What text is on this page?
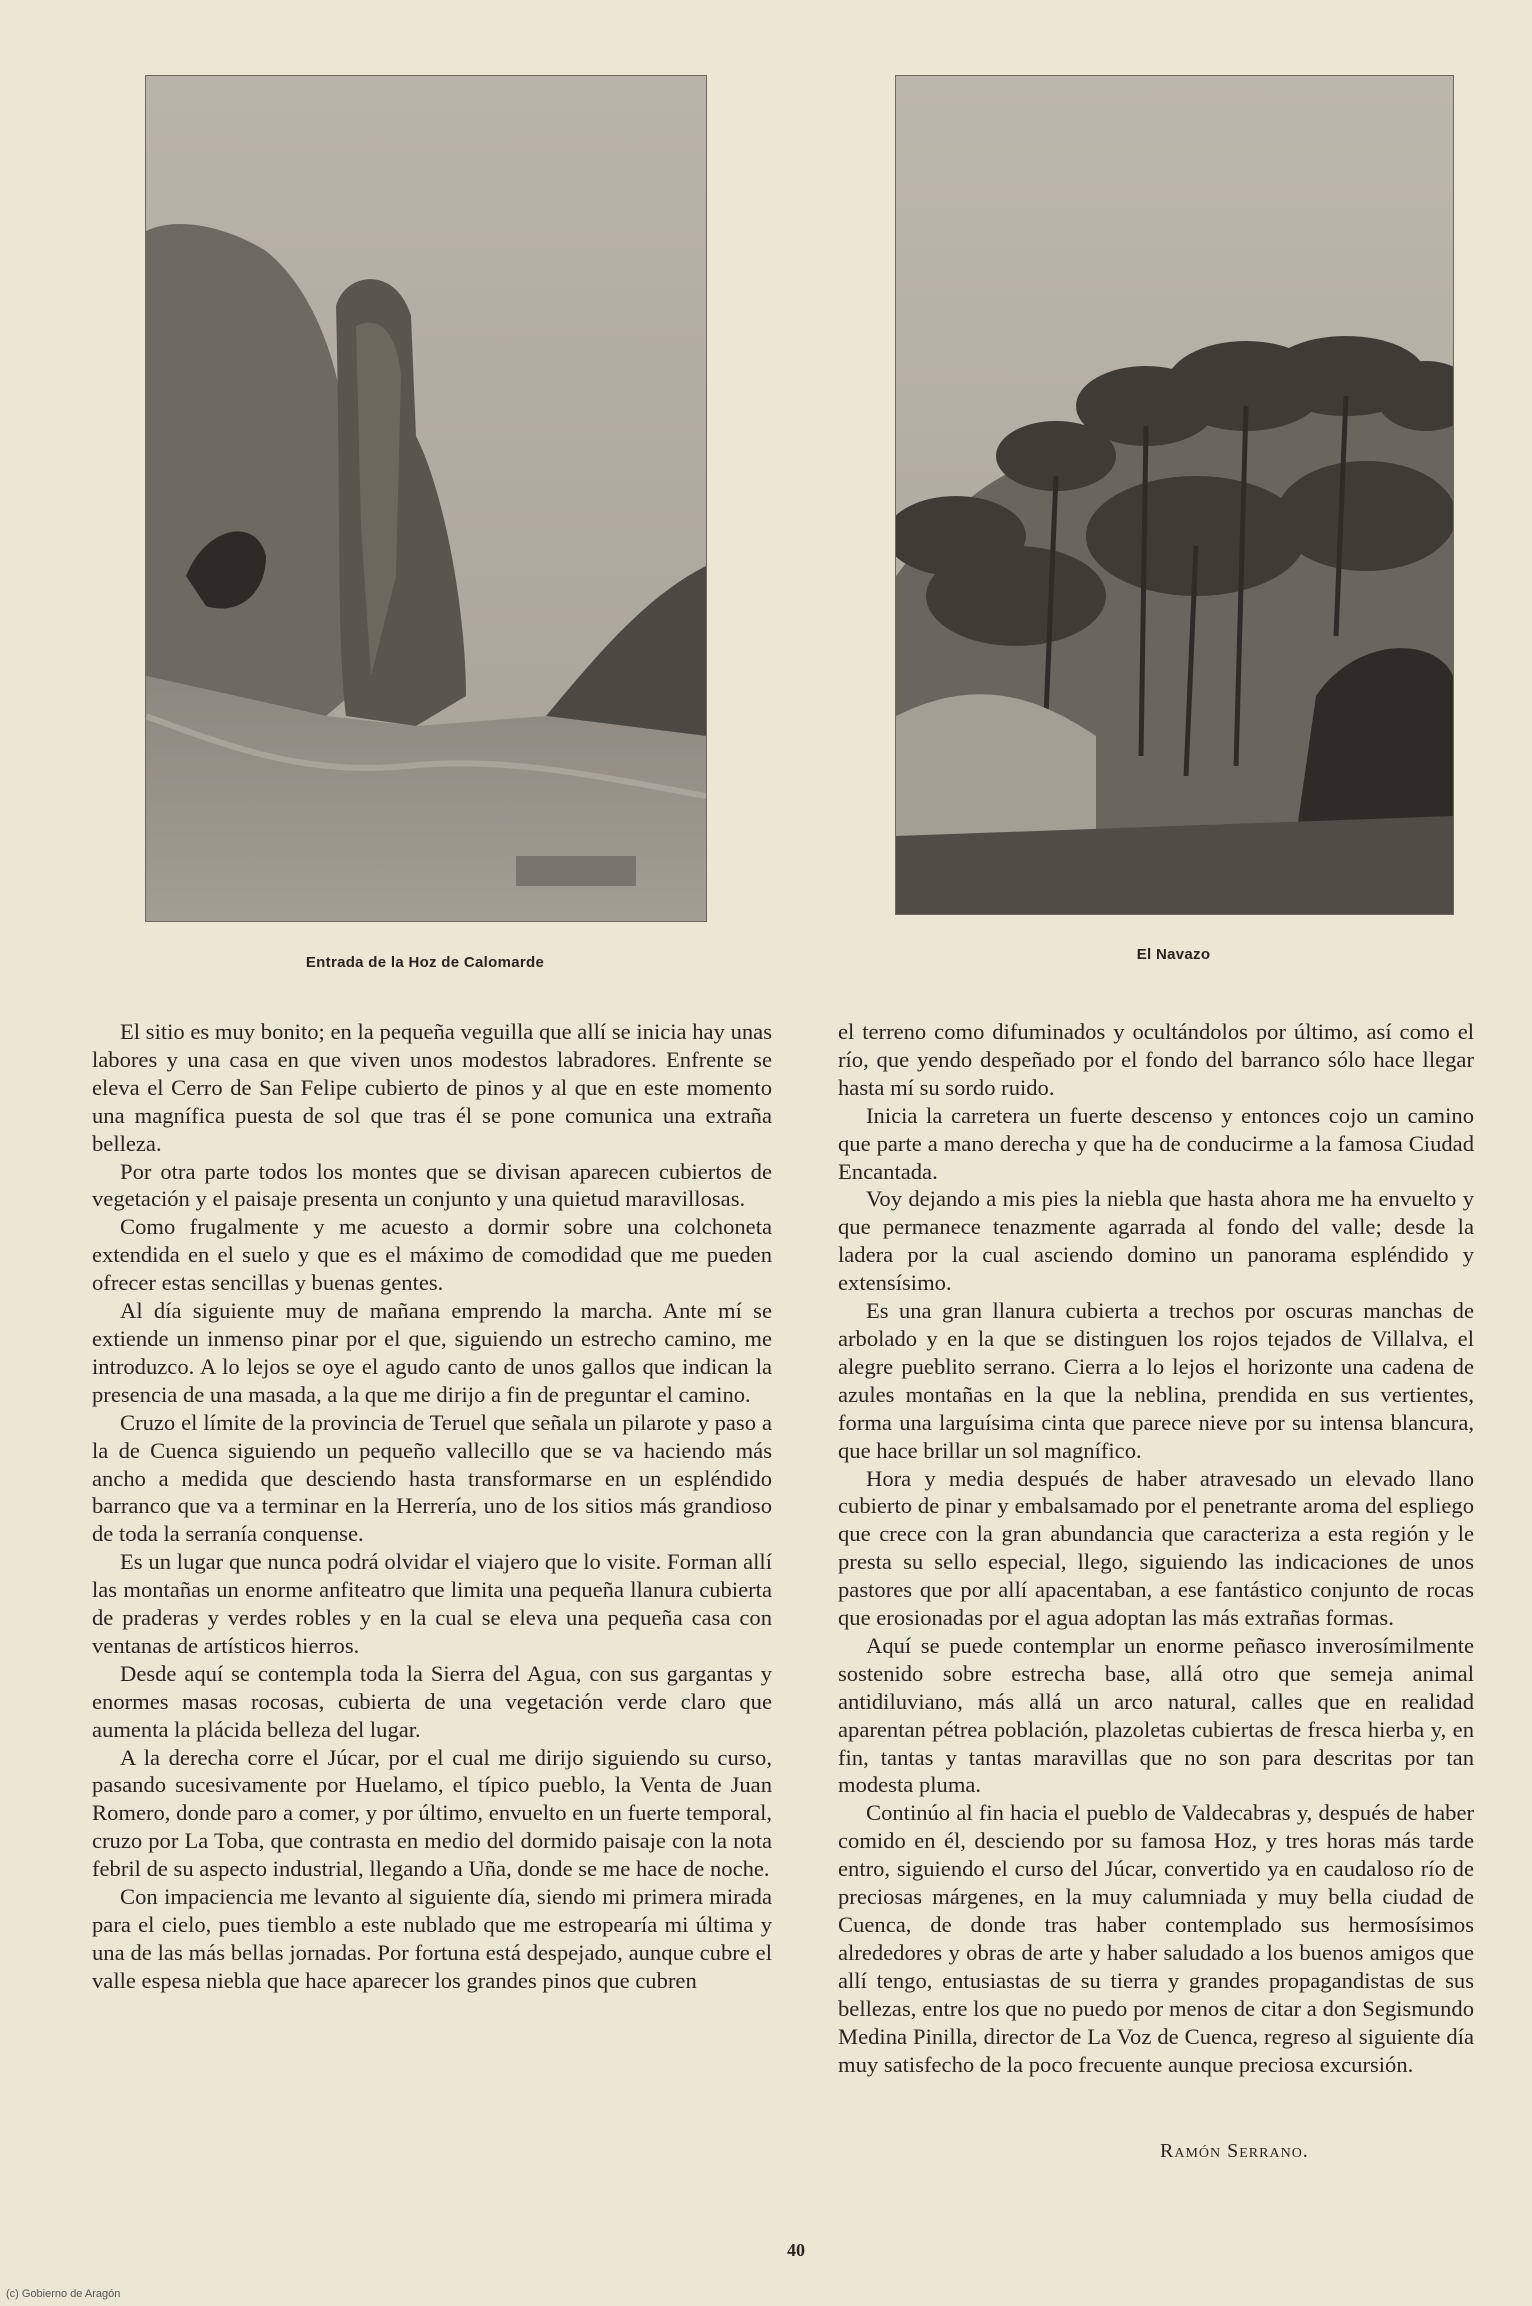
Entrada de la Hoz de Calomarde	El Navazo

El sitio es muy bonito; en la pequeña veguilla que allí se inicia hay unas labores y una casa en que viven unos modestos labradores. Enfrente se eleva el Cerro de San Felipe cubierto de pinos y al que en este momento una magnífica puesta de sol que tras él se pone comunica una extraña belleza.

Por otra parte todos los montes que se divisan aparecen cubiertos de vegetación y el paisaje presenta un conjunto y una quietud maravillosas.

Como frugalmente y me acuesto a dormir sobre una colchoneta extendida en el suelo y que es el máximo de comodidad que me pueden ofrecer estas sencillas y buenas gentes.

Al día siguiente muy de mañana emprendo la marcha. Ante mí se extiende un inmenso pinar por el que, siguiendo un estrecho camino, me introduzco. A lo lejos se oye el agudo canto de unos gallos que indican la presencia de una masada, a la que me dirijo a fin de preguntar el camino.

Cruzo el límite de la provincia de Teruel que señala un pilarote y paso a la de Cuenca siguiendo un pequeño vallecillo que se va haciendo más ancho a medida que desciendo hasta transformarse en un espléndido barranco que va a terminar en la Herrería, uno de los sitios más grandioso de toda la serranía conquense.

Es un lugar que nunca podrá olvidar el viajero que lo visite. Forman allí las montañas un enorme anfiteatro que limita una pequeña llanura cubierta de praderas y verdes robles y en la cual se eleva una pequeña casa con ventanas de artísticos hierros.

Desde aquí se contempla toda la Sierra del Agua, con sus gargantas y enormes masas rocosas, cubierta de una vegetación verde claro que aumenta la plácida belleza del lugar.

A la derecha corre el Júcar, por el cual me dirijo siguiendo su curso, pasando sucesivamente por Huelamo, el típico pueblo, la Venta de Juan Romero, donde paro a comer, y por último, envuelto en un fuerte temporal, cruzo por La Toba, que contrasta en medio del dormido paisaje con la nota febril de su aspecto industrial, llegando a Uña, donde se me hace de noche.

Con impaciencia me levanto al siguiente día, siendo mi primera mirada para el cielo, pues tiemblo a este nublado que me estropearía mi última y una de las más bellas jornadas. Por fortuna está despejado, aunque cubre el valle espesa niebla que hace aparecer los grandes pinos que cubren

el terreno como difuminados y ocultándolos por último, así como el río, que yendo despeñado por el fondo del barranco sólo hace llegar hasta mí su sordo ruido.

Inicia la carretera un fuerte descenso y entonces cojo un camino que parte a mano derecha y que ha de conducirme a la famosa Ciudad Encantada.

Voy dejando a mis pies la niebla que hasta ahora me ha envuelto y que permanece tenazmente agarrada al fondo del valle; desde la ladera por la cual asciendo domino un panorama espléndido y extensísimo.

Es una gran llanura cubierta a trechos por oscuras manchas de arbolado y en la que se distinguen los rojos tejados de Villalva, el alegre pueblito serrano. Cierra a lo lejos el horizonte una cadena de azules montañas en la que la neblina, prendida en sus vertientes, forma una larguísima cinta que parece nieve por su intensa blancura, que hace brillar un sol magnífico.

Hora y media después de haber atravesado un elevado llano cubierto de pinar y embalsamado por el penetrante aroma del espliego que crece con la gran abundancia que caracteriza a esta región y le presta su sello especial, llego, siguiendo las indicaciones de unos pastores que por allí apacentaban, a ese fantástico conjunto de rocas que erosionadas por el agua adoptan las más extrañas formas.

Aquí se puede contemplar un enorme peñasco inverosímilmente sostenido sobre estrecha base, allá otro que semeja animal antidiluviano, más allá un arco natural, calles que en realidad aparentan pétrea población, plazoletas cubiertas de fresca hierba y, en fin, tantas y tantas maravillas que no son para descritas por tan modesta pluma.

Continúo al fin hacia el pueblo de Valdecabras y, después de haber comido en él, desciendo por su famosa Hoz, y tres horas más tarde entro, siguiendo el curso del Júcar, convertido ya en caudaloso río de preciosas márgenes, en la muy calumniada y muy bella ciudad de Cuenca, de donde tras haber contemplado sus hermosísimos alrededores y obras de arte y haber saludado a los buenos amigos que allí tengo, entusiastas de su tierra y grandes propagandistas de sus bellezas, entre los que no puedo por menos de citar a don Segismundo Medina Pinilla, director de La Voz de Cuenca, regreso al siguiente día muy satisfecho de la poco frecuente aunque preciosa excursión.

Ramón Serrano.
40
(c) Gobierno de Aragón
